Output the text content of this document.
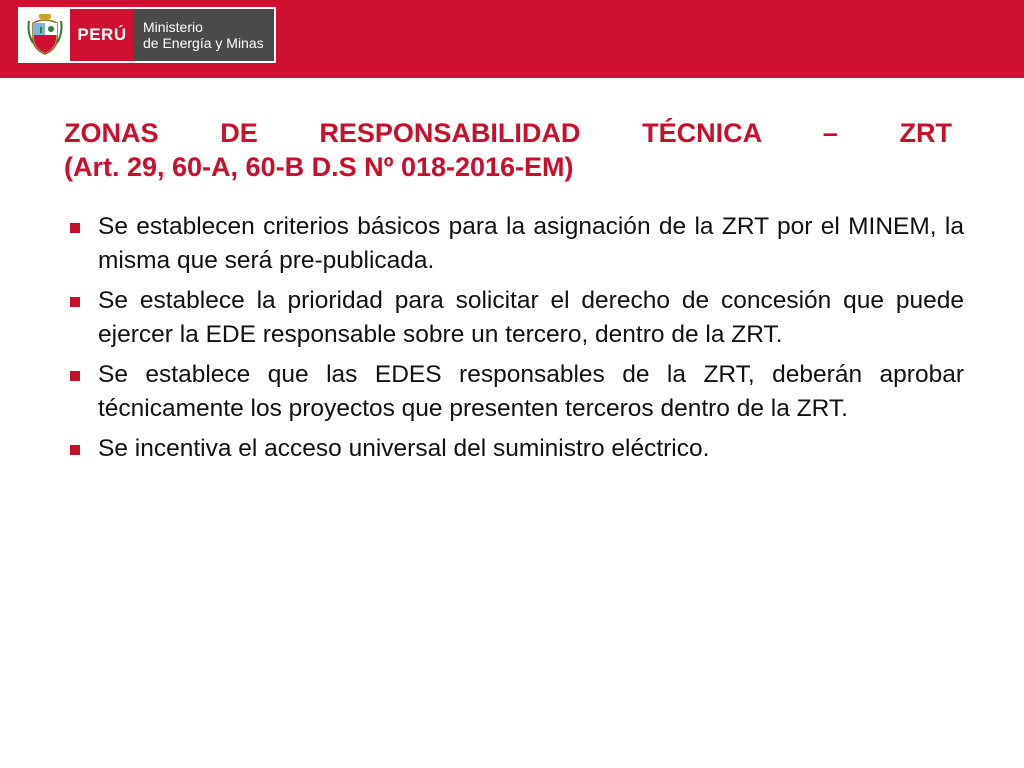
PERÚ	Ministerio
de Energía y Minas
ZONAS DE RESPONSABILIDAD TÉCNICA – ZRT
(Art. 29, 60-A, 60-B D.S Nº 018-2016-EM)
Se establecen criterios básicos para la asignación de la ZRT por el MINEM, la misma que será pre-publicada.
Se establece la prioridad para solicitar el derecho de concesión que puede ejercer la EDE responsable sobre un tercero, dentro de la ZRT.
Se establece que las EDES responsables de la ZRT, deberán aprobar técnicamente los proyectos que presenten terceros dentro de la ZRT.
Se incentiva el acceso universal del suministro eléctrico.
